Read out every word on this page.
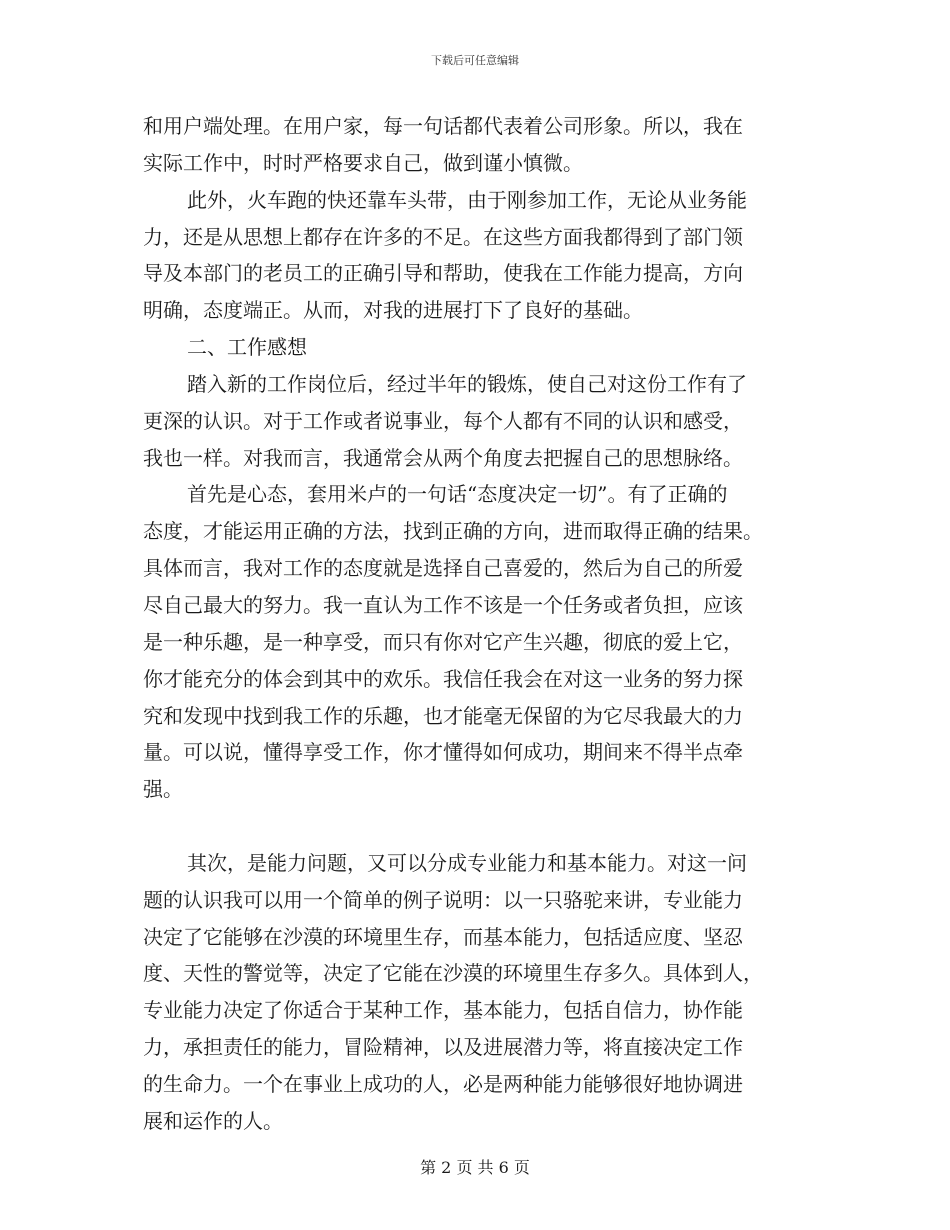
下载后可任意编辑
和用户端处理。在用户家，每一句话都代表着公司形象。所以，我在
实际工作中，时时严格要求自己，做到谨小慎微。
此外，火车跑的快还靠车头带，由于刚参加工作，无论从业务能
力，还是从思想上都存在许多的不足。在这些方面我都得到了部门领
导及本部门的老员工的正确引导和帮助，使我在工作能力提高，方向
明确，态度端正。从而，对我的进展打下了良好的基础。
二、工作感想
踏入新的工作岗位后，经过半年的锻炼，使自己对这份工作有了
更深的认识。对于工作或者说事业，每个人都有不同的认识和感受，
我也一样。对我而言，我通常会从两个角度去把握自己的思想脉络。
首先是心态，套用米卢的一句话“态度决定一切”。有了正确的
态度，才能运用正确的方法，找到正确的方向，进而取得正确的结果。
具体而言，我对工作的态度就是选择自己喜爱的，然后为自己的所爱
尽自己最大的努力。我一直认为工作不该是一个任务或者负担，应该
是一种乐趣，是一种享受，而只有你对它产生兴趣，彻底的爱上它，
你才能充分的体会到其中的欢乐。我信任我会在对这一业务的努力探
究和发现中找到我工作的乐趣，也才能毫无保留的为它尽我最大的力
量。可以说，懂得享受工作，你才懂得如何成功，期间来不得半点牵
强。
其次，是能力问题，又可以分成专业能力和基本能力。对这一问
题的认识我可以用一个简单的例子说明：以一只骆驼来讲，专业能力
决定了它能够在沙漠的环境里生存，而基本能力，包括适应度、坚忍
度、天性的警觉等，决定了它能在沙漠的环境里生存多久。具体到人，
专业能力决定了你适合于某种工作，基本能力，包括自信力，协作能
力，承担责任的能力，冒险精神，以及进展潜力等，将直接决定工作
的生命力。一个在事业上成功的人，必是两种能力能够很好地协调进
展和运作的人。
第 2 页 共 6 页
